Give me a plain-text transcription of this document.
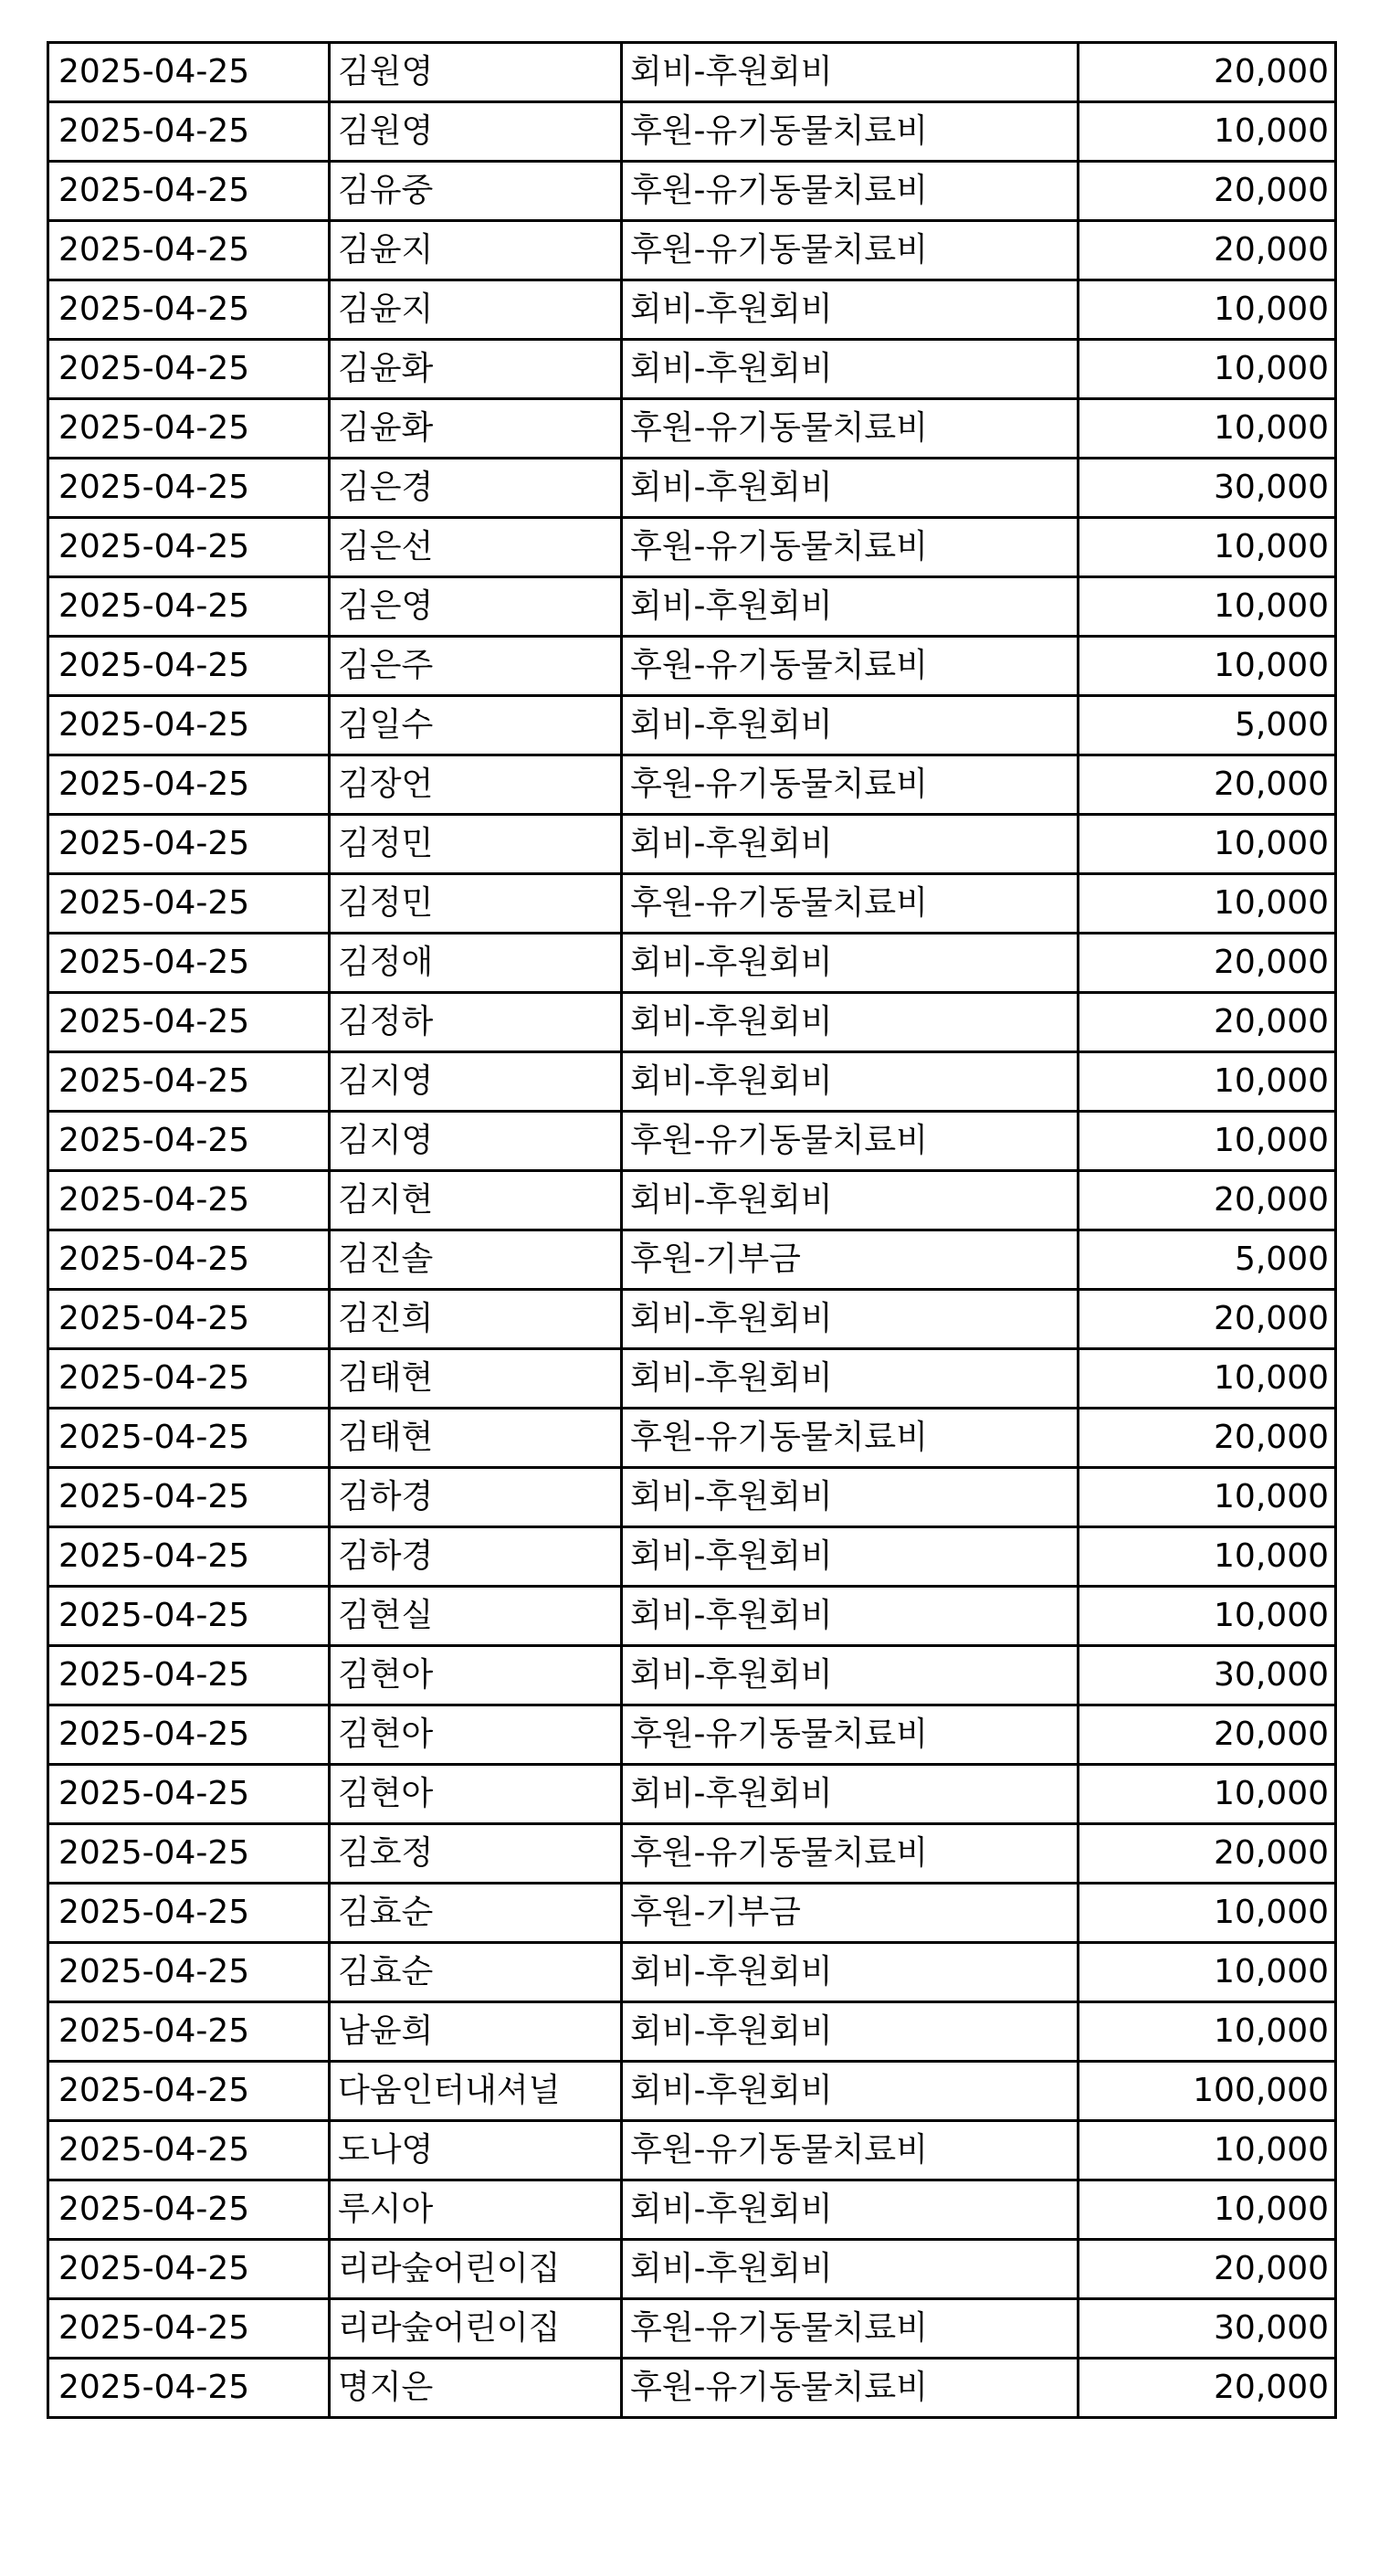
2025-04-25	김원영	회비-후원회비	20,000
2025-04-25	김원영	후원-유기동물치료비	10,000
2025-04-25	김유중	후원-유기동물치료비	20,000
2025-04-25	김윤지	후원-유기동물치료비	20,000
2025-04-25	김윤지	회비-후원회비	10,000
2025-04-25	김윤화	회비-후원회비	10,000
2025-04-25	김윤화	후원-유기동물치료비	10,000
2025-04-25	김은경	회비-후원회비	30,000
2025-04-25	김은선	후원-유기동물치료비	10,000
2025-04-25	김은영	회비-후원회비	10,000
2025-04-25	김은주	후원-유기동물치료비	10,000
2025-04-25	김일수	회비-후원회비	5,000
2025-04-25	김장언	후원-유기동물치료비	20,000
2025-04-25	김정민	회비-후원회비	10,000
2025-04-25	김정민	후원-유기동물치료비	10,000
2025-04-25	김정애	회비-후원회비	20,000
2025-04-25	김정하	회비-후원회비	20,000
2025-04-25	김지영	회비-후원회비	10,000
2025-04-25	김지영	후원-유기동물치료비	10,000
2025-04-25	김지현	회비-후원회비	20,000
2025-04-25	김진솔	후원-기부금	5,000
2025-04-25	김진희	회비-후원회비	20,000
2025-04-25	김태현	회비-후원회비	10,000
2025-04-25	김태현	후원-유기동물치료비	20,000
2025-04-25	김하경	회비-후원회비	10,000
2025-04-25	김하경	회비-후원회비	10,000
2025-04-25	김현실	회비-후원회비	10,000
2025-04-25	김현아	회비-후원회비	30,000
2025-04-25	김현아	후원-유기동물치료비	20,000
2025-04-25	김현아	회비-후원회비	10,000
2025-04-25	김호정	후원-유기동물치료비	20,000
2025-04-25	김효순	후원-기부금	10,000
2025-04-25	김효순	회비-후원회비	10,000
2025-04-25	남윤희	회비-후원회비	10,000
2025-04-25	다움인터내셔널	회비-후원회비	100,000
2025-04-25	도나영	후원-유기동물치료비	10,000
2025-04-25	루시아	회비-후원회비	10,000
2025-04-25	리라숲어린이집	회비-후원회비	20,000
2025-04-25	리라숲어린이집	후원-유기동물치료비	30,000
2025-04-25	명지은	후원-유기동물치료비	20,000
